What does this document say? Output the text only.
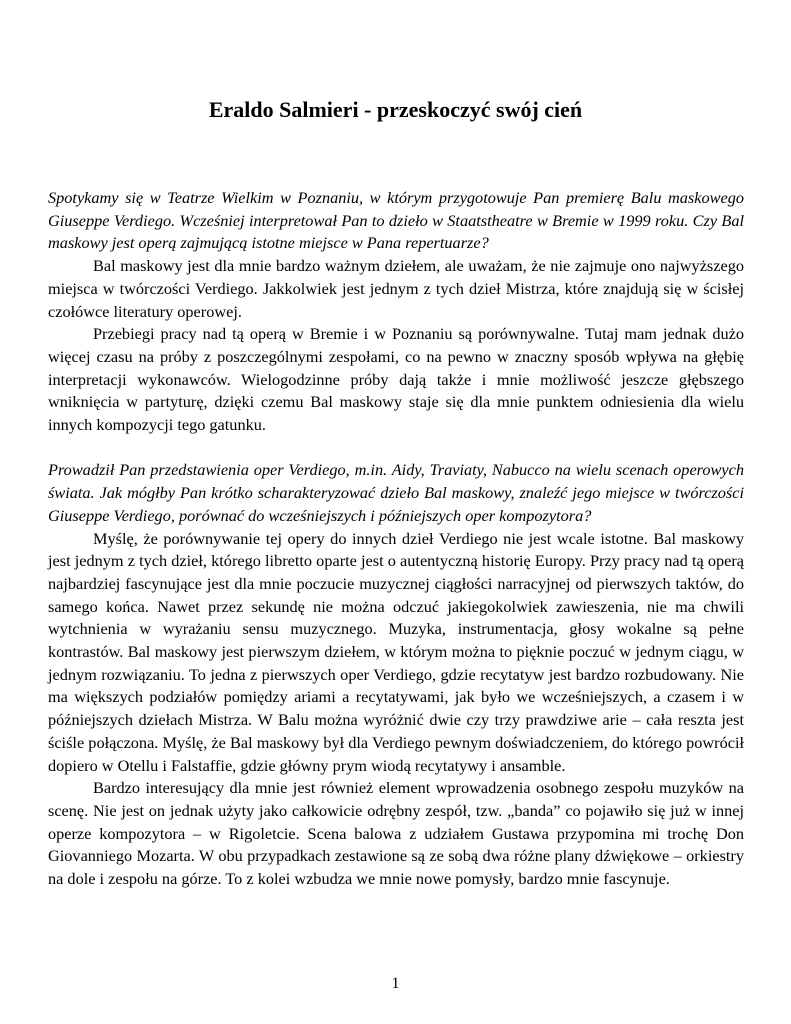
Eraldo Salmieri - przeskoczyć swój cień

Spotykamy się w Teatrze Wielkim w Poznaniu, w którym przygotowuje Pan premierę Balu maskowego Giuseppe Verdiego. Wcześniej interpretował Pan to dzieło w Staatstheatre w Bremie w 1999 roku. Czy Bal maskowy jest operą zajmującą istotne miejsce w Pana repertuarze?

Bal maskowy jest dla mnie bardzo ważnym dziełem, ale uważam, że nie zajmuje ono najwyższego miejsca w twórczości Verdiego. Jakkolwiek jest jednym z tych dzieł Mistrza, które znajdują się w ścisłej czołówce literatury operowej.

Przebiegi pracy nad tą operą w Bremie i w Poznaniu są porównywalne. Tutaj mam jednak dużo więcej czasu na próby z poszczególnymi zespołami, co na pewno w znaczny sposób wpływa na głębię interpretacji wykonawców. Wielogodzinne próby dają także i mnie możliwość jeszcze głębszego wniknięcia w partyturę, dzięki czemu Bal maskowy staje się dla mnie punktem odniesienia dla wielu innych kompozycji tego gatunku.

Prowadził Pan przedstawienia oper Verdiego, m.in. Aidy, Traviaty, Nabucco na wielu scenach operowych świata. Jak mógłby Pan krótko scharakteryzować dzieło Bal maskowy, znaleźć jego miejsce w twórczości Giuseppe Verdiego, porównać do wcześniejszych i późniejszych oper kompozytora?

Myślę, że porównywanie tej opery do innych dzieł Verdiego nie jest wcale istotne. Bal maskowy jest jednym z tych dzieł, którego libretto oparte jest o autentyczną historię Europy. Przy pracy nad tą operą najbardziej fascynujące jest dla mnie poczucie muzycznej ciągłości narracyjnej od pierwszych taktów, do samego końca. Nawet przez sekundę nie można odczuć jakiegokolwiek zawieszenia, nie ma chwili wytchnienia w wyrażaniu sensu muzycznego. Muzyka, instrumentacja, głosy wokalne są pełne kontrastów. Bal maskowy jest pierwszym dziełem, w którym można to pięknie poczuć w jednym ciągu, w jednym rozwiązaniu. To jedna z pierwszych oper Verdiego, gdzie recytatyw jest bardzo rozbudowany. Nie ma większych podziałów pomiędzy ariami a recytatywami, jak było we wcześniejszych, a czasem i w późniejszych dziełach Mistrza. W Balu można wyróżnić dwie czy trzy prawdziwe arie – cała reszta jest ściśle połączona. Myślę, że Bal maskowy był dla Verdiego pewnym doświadczeniem, do którego powrócił dopiero w Otellu i Falstaffie, gdzie główny prym wiodą recytatywy i ansamble.

Bardzo interesujący dla mnie jest również element wprowadzenia osobnego zespołu muzyków na scenę. Nie jest on jednak użyty jako całkowicie odrębny zespół, tzw. „banda” co pojawiło się już w innej operze kompozytora – w Rigoletcie. Scena balowa z udziałem Gustawa przypomina mi trochę Don Giovanniego Mozarta. W obu przypadkach zestawione są ze sobą dwa różne plany dźwiękowe – orkiestry na dole i zespołu na górze. To z kolei wzbudza we mnie nowe pomysły, bardzo mnie fascynuje.

1
